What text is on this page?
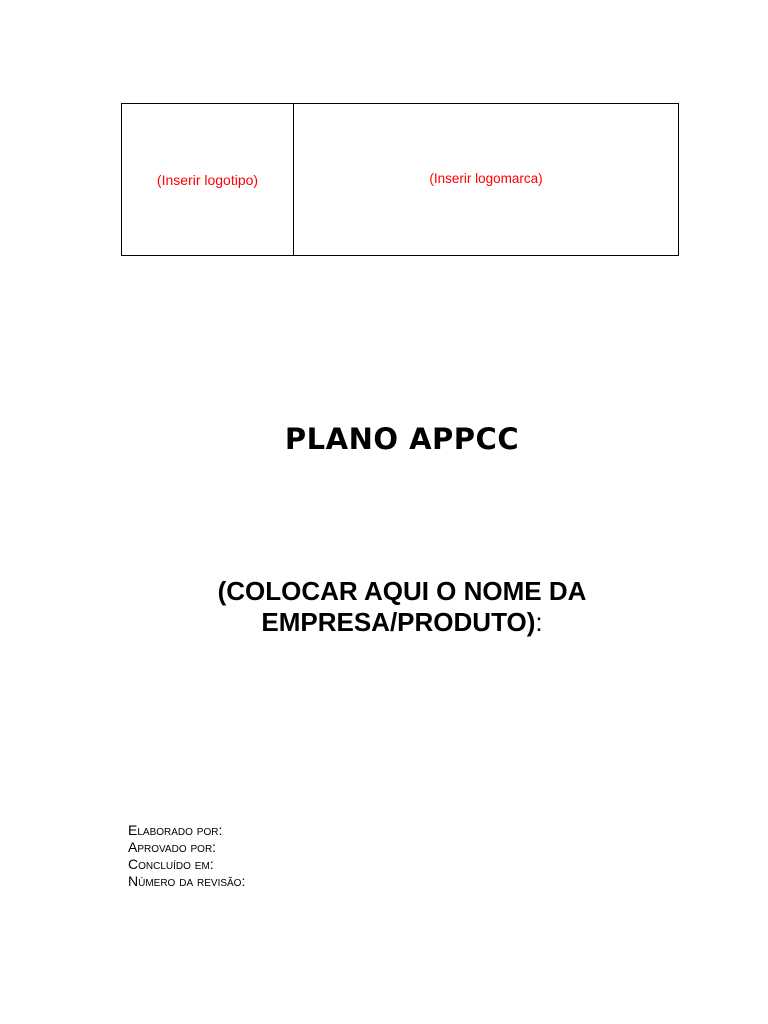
(Inserir logotipo)	(Inserir logomarca)
PLANO APPCC
(COLOCAR AQUI O NOME DA
EMPRESA/PRODUTO):
Elaborado por:
Aprovado por:
Concluído em:
Número da revisão:
